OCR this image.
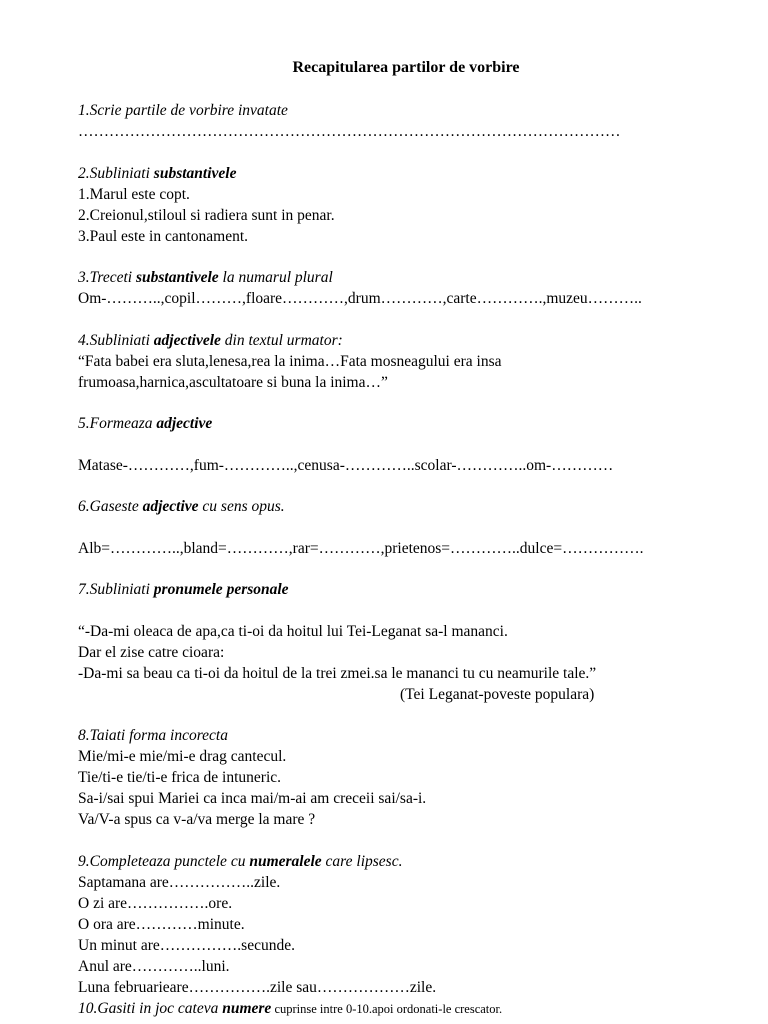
Recapitularea partilor de vorbire
1.Scrie partile de vorbire invatate
……………………………………………………………………………………………
2.Subliniati substantivele
1.Marul este copt.
2.Creionul,stiloul si radiera sunt in penar.
3.Paul este in cantonament.
3.Treceti substantivele la numarul plural
Om-………..,copil………,floare…………,drum…………,carte………….,muzeu………..
4.Subliniati adjectivele din textul urmator:
“Fata babei era sluta,lenesa,rea la inima…Fata mosneagului era insa
frumoasa,harnica,ascultatoare si buna la inima…”
5.Formeaza adjective
Matase-…………,fum-…………..,cenusa-…………..scolar-…………..om-…………
6.Gaseste adjective cu sens opus.
Alb=…………..,bland=…………,rar=…………,prietenos=…………..dulce=…………….
7.Subliniati pronumele personale
“-Da-mi oleaca de apa,ca ti-oi da hoitul lui Tei-Leganat sa-l mananci.
Dar el zise catre cioara:
-Da-mi sa beau ca ti-oi da hoitul de la trei zmei.sa le mananci tu cu neamurile tale.”
(Tei Leganat-poveste populara)
8.Taiati forma incorecta
Mie/mi-e mie/mi-e drag cantecul.
Tie/ti-e tie/ti-e frica de intuneric.
Sa-i/sai spui Mariei ca inca mai/m-ai am creceii sai/sa-i.
Va/V-a spus ca v-a/va merge la mare ?
9.Completeaza punctele cu numeralele care lipsesc.
Saptamana are……………..zile.
O zi are…………….ore.
O ora are…………minute.
Un minut are…………….secunde.
Anul are…………..luni.
Luna februarieare…………….zile sau………………zile.
10.Gasiti in joc cateva numere cuprinse intre 0-10.apoi ordonati-le crescator.
